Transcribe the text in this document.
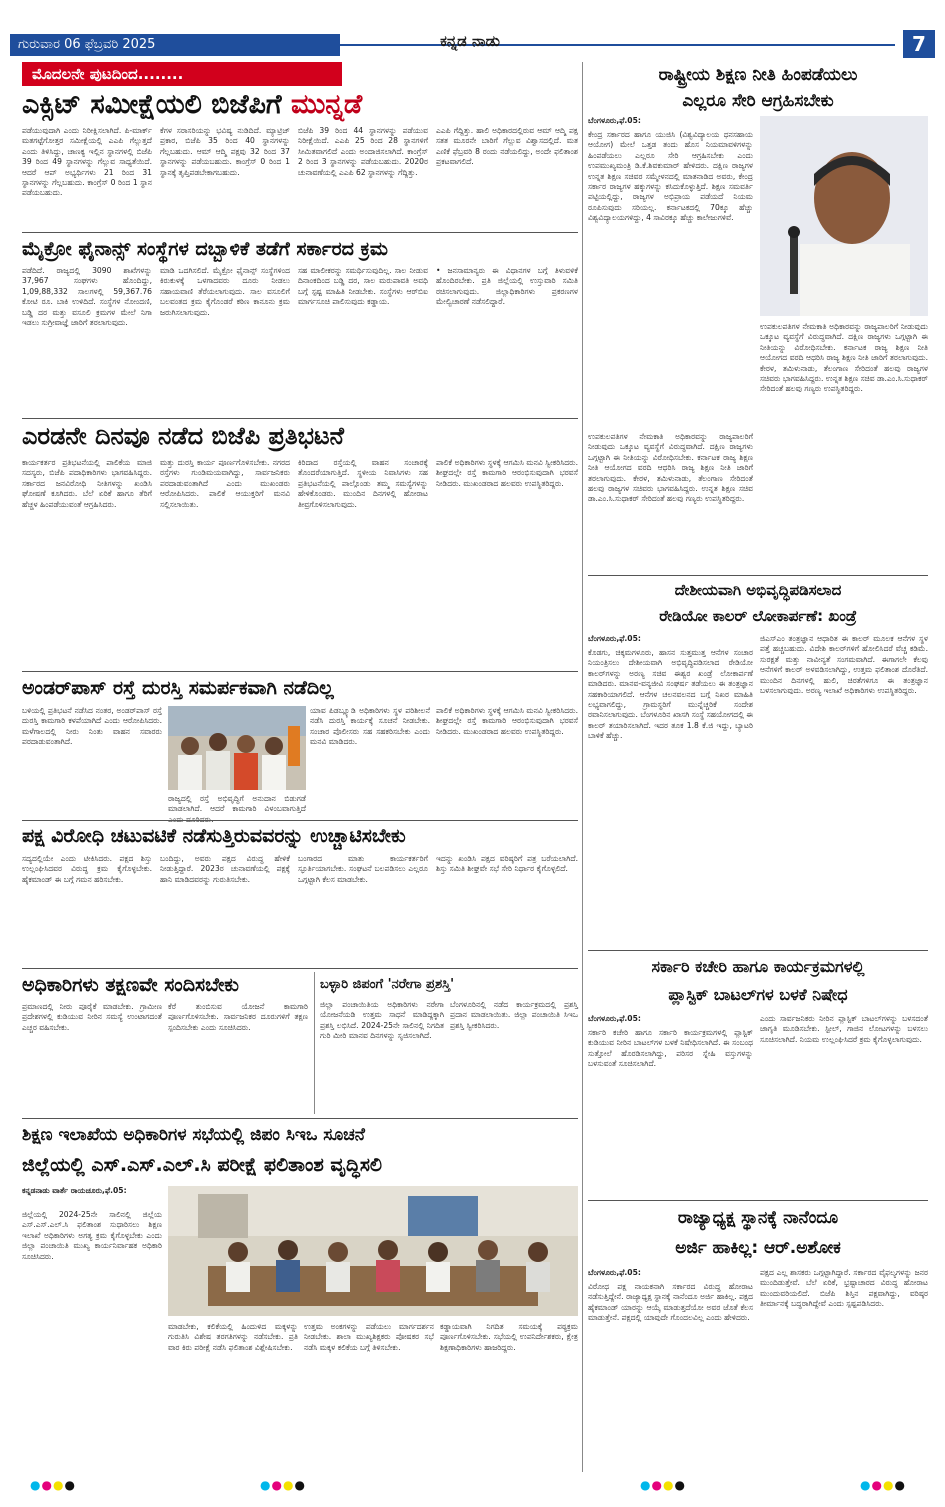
ಗುರುವಾರ 06 ಫೆಬ್ರವರಿ 2025	ಕನ್ನಡ ನಾಡು	7
ಮೊದಲನೇ ಪುಟದಿಂದ........
ಎಕ್ಸಿಟ್ ಸಮೀಕ್ಷೆಯಲಿ ಬಿಜೆಪಿಗೆ ಮುನ್ನಡೆ
ಪಡೆಯುವುದಾಗಿ ಎಂದು ನಿರೀಕ್ಷಿಸಲಾಗಿದೆ. ಪಿ-ಮಾರ್ಕ್ ಮತಗಟ್ಟೆಗೋತ್ತರ ಸಮೀಕ್ಷೆಯಲ್ಲಿ ಎಎಪಿ ಗೆಲ್ಲುತ್ತದೆ ಎಂದು ತಿಳಿಸಿದ್ದು, ಚಾಣಕ್ಯ ಇಲ್ಲಿನ ಸ್ಥಾನಗಳಲ್ಲಿ ಬಿಜೆಪಿ 39 ರಿಂದ 49 ಸ್ಥಾನಗಳನ್ನು ಗೆಲ್ಲುವ ಸಾಧ್ಯತೆಯಿದೆ. ಆದರೆ ಆಪ್ ಅಭ್ಯರ್ಥಿಗಳು 21 ರಿಂದ 31 ಸ್ಥಾನಗಳನ್ನು ಗೆಲ್ಲಬಹುದು. ಕಾಂಗ್ರೆಸ್ 0 ರಿಂದ 1 ಸ್ಥಾನ ಪಡೆಯಬಹುದು.
ಕೆಗಳ ಸರಾಸರಿಯನ್ನು ಭವಿಷ್ಯ ನುಡಿದಿದೆ. ಮ್ಯಾಟ್ರಿಜ್ ಪ್ರಕಾರ, ಬಿಜೆಪಿ 35 ರಿಂದ 40 ಸ್ಥಾನಗಳನ್ನು ಗೆಲ್ಲಬಹುದು. ಆಮ್ ಆದ್ಮಿ ಪಕ್ಷವು 32 ರಿಂದ 37 ಸ್ಥಾನಗಳನ್ನು ಪಡೆಯಬಹುದು. ಕಾಂಗ್ರೆಸ್ 0 ರಿಂದ 1 ಸ್ಥಾನಕ್ಕೆ ತೃಪ್ತಿಪಡಬೇಕಾಗಬಹುದು.
ಬಿಜೆಪಿ 39 ರಿಂದ 44 ಸ್ಥಾನಗಳನ್ನು ಪಡೆಯುವ ನಿರೀಕ್ಷೆಯಿದೆ. ಎಎಪಿ 25 ರಿಂದ 28 ಸ್ಥಾನಗಳಿಗೆ ಸೀಮಿತವಾಗಲಿದೆ ಎಂದು ಅಂದಾಜಿಸಲಾಗಿದೆ. ಕಾಂಗ್ರೆಸ್ 2 ರಿಂದ 3 ಸ್ಥಾನಗಳನ್ನು ಪಡೆಯಬಹುದು. 2020ರ ಚುನಾವಣೆಯಲ್ಲಿ ಎಎಪಿ 62 ಸ್ಥಾನಗಳನ್ನು ಗೆದ್ದಿತ್ತು.
ಎಎಪಿ ಗೆದ್ದಿತ್ತು. ಹಾಲಿ ಅಧಿಕಾರದಲ್ಲಿರುವ ಆಮ್ ಆದ್ಮಿ ಪಕ್ಷ ಸತತ ಮೂರನೇ ಬಾರಿಗೆ ಗೆಲ್ಲುವ ವಿಶ್ವಾಸದಲ್ಲಿದೆ. ಮತ ಎಣಿಕೆ ಫೆಬ್ರವರಿ 8 ರಂದು ನಡೆಯಲಿದ್ದು, ಅಂದೇ ಫಲಿತಾಂಶ ಪ್ರಕಟವಾಗಲಿದೆ.
ಮೈಕ್ರೋ ಫೈನಾನ್ಸ್ ಸಂಸ್ಥೆಗಳ ದಬ್ಬಾಳಿಕೆ ತಡೆಗೆ ಸರ್ಕಾರದ ಕ್ರಮ
ಪಡೆದಿದೆ. ರಾಜ್ಯದಲ್ಲಿ 3090 ಶಾಖೆಗಳನ್ನು 37,967 ಸಂಘಗಳು ಹೊಂದಿದ್ದು, 1,09,88,332 ಸಾಲಗಳಲ್ಲಿ 59,367.76 ಕೋಟಿ ರೂ. ಬಾಕಿ ಉಳಿದಿದೆ. ಸಂಸ್ಥೆಗಳ ನೋಂದಣಿ, ಬಡ್ಡಿ ದರ ಮತ್ತು ವಸೂಲಿ ಕ್ರಮಗಳ ಮೇಲೆ ನಿಗಾ ಇಡಲು ಸುಗ್ರೀವಾಜ್ಞೆ ಜಾರಿಗೆ ತರಲಾಗುವುದು.
ಮಾಡಿ ಒದಗಿಸಲಿದೆ. ಮೈಕ್ರೋ ಫೈನಾನ್ಸ್ ಸಂಸ್ಥೆಗಳಿಂದ ಕಿರುಕುಳಕ್ಕೆ ಒಳಗಾದವರು ದೂರು ನೀಡಲು ಸಹಾಯವಾಣಿ ತೆರೆಯಲಾಗುವುದು. ಸಾಲ ವಸೂಲಿಗೆ ಬಲವಂತದ ಕ್ರಮ ಕೈಗೊಂಡರೆ ಕಠಿಣ ಕಾನೂನು ಕ್ರಮ ಜರುಗಿಸಲಾಗುವುದು.
ಸಹ ಮಾಲೀಕರನ್ನು ಸಮರ್ಥಿಸುವುದಿಲ್ಲ. ಸಾಲ ನೀಡುವ ದಿನಾಂಕದಿಂದ ಬಡ್ಡಿ ದರ, ಸಾಲ ಮರುಪಾವತಿ ಅವಧಿ ಬಗ್ಗೆ ಸ್ಪಷ್ಟ ಮಾಹಿತಿ ನೀಡಬೇಕು. ಸಂಸ್ಥೆಗಳು ಆರ್‌ಬಿಐ ಮಾರ್ಗಸೂಚಿ ಪಾಲಿಸುವುದು ಕಡ್ಡಾಯ.
• ಜನಸಾಮಾನ್ಯರು ಈ ವಿಧಾನಗಳ ಬಗ್ಗೆ ತಿಳುವಳಿಕೆ ಹೊಂದಿರಬೇಕು. ಪ್ರತಿ ಜಿಲ್ಲೆಯಲ್ಲಿ ಉಸ್ತುವಾರಿ ಸಮಿತಿ ರಚಿಸಲಾಗುವುದು. ಜಿಲ್ಲಾಧಿಕಾರಿಗಳು ಪ್ರಕರಣಗಳ ಮೇಲ್ವಿಚಾರಣೆ ನಡೆಸಲಿದ್ದಾರೆ.
ಎರಡನೇ ದಿನವೂ ನಡೆದ ಬಿಜೆಪಿ ಪ್ರತಿಭಟನೆ
ಕಾರ್ಯಕರ್ತರ ಪ್ರತಿಭಟನೆಯಲ್ಲಿ ಪಾಲಿಕೆಯ ಮಾಜಿ ಸದಸ್ಯರು, ಬಿಜೆಪಿ ಪದಾಧಿಕಾರಿಗಳು ಭಾಗವಹಿಸಿದ್ದರು. ಸರ್ಕಾರದ ಜನವಿರೋಧಿ ನೀತಿಗಳನ್ನು ಖಂಡಿಸಿ ಘೋಷಣೆ ಕೂಗಿದರು. ಬೆಲೆ ಏರಿಕೆ ಹಾಗೂ ತೆರಿಗೆ ಹೆಚ್ಚಳ ಹಿಂಪಡೆಯುವಂತೆ ಆಗ್ರಹಿಸಿದರು.
ಮತ್ತು ದುರಸ್ತಿ ಕಾರ್ಯ ಪೂರ್ಣಗೊಳಿಸಬೇಕು. ನಗರದ ರಸ್ತೆಗಳು ಗುಂಡಿಮಯವಾಗಿದ್ದು, ಸಾರ್ವಜನಿಕರು ಪರದಾಡುವಂತಾಗಿದೆ ಎಂದು ಮುಖಂಡರು ಆರೋಪಿಸಿದರು. ಪಾಲಿಕೆ ಆಯುಕ್ತರಿಗೆ ಮನವಿ ಸಲ್ಲಿಸಲಾಯಿತು.
ಕಿರಿದಾದ ರಸ್ತೆಯಲ್ಲಿ ವಾಹನ ಸಂಚಾರಕ್ಕೆ ತೊಂದರೆಯಾಗುತ್ತಿದೆ. ಸ್ಥಳೀಯ ನಿವಾಸಿಗಳು ಸಹ ಪ್ರತಿಭಟನೆಯಲ್ಲಿ ಪಾಲ್ಗೊಂಡು ತಮ್ಮ ಸಮಸ್ಯೆಗಳನ್ನು ಹೇಳಿಕೊಂಡರು. ಮುಂದಿನ ದಿನಗಳಲ್ಲಿ ಹೋರಾಟ ತೀವ್ರಗೊಳಿಸಲಾಗುವುದು.
ಪಾಲಿಕೆ ಅಧಿಕಾರಿಗಳು ಸ್ಥಳಕ್ಕೆ ಆಗಮಿಸಿ ಮನವಿ ಸ್ವೀಕರಿಸಿದರು. ಶೀಘ್ರದಲ್ಲೇ ರಸ್ತೆ ಕಾಮಗಾರಿ ಆರಂಭಿಸುವುದಾಗಿ ಭರವಸೆ ನೀಡಿದರು. ಮುಖಂಡರಾದ ಹಲವರು ಉಪಸ್ಥಿತರಿದ್ದರು.
ಅಂಡರ್‌ಪಾಸ್ ರಸ್ತೆ ದುರಸ್ತಿ ಸಮರ್ಪಕವಾಗಿ ನಡೆದಿಲ್ಲ
ಬಳಿಯಲ್ಲಿ ಪ್ರತಿಭಟನೆ ನಡೆಸಿದ ನಂತರ, ಅಂಡರ್‌ಪಾಸ್ ರಸ್ತೆ ದುರಸ್ತಿ ಕಾಮಗಾರಿ ಕಳಪೆಯಾಗಿದೆ ಎಂದು ಆರೋಪಿಸಿದರು. ಮಳೆಗಾಲದಲ್ಲಿ ನೀರು ನಿಂತು ವಾಹನ ಸವಾರರು ಪರದಾಡುವಂತಾಗಿದೆ.
ರಾಜ್ಯದಲ್ಲಿ ರಸ್ತೆ ಅಭಿವೃದ್ಧಿಗೆ ಅನುದಾನ ಬಿಡುಗಡೆ ಮಾಡಲಾಗಿದೆ. ಆದರೆ ಕಾಮಗಾರಿ ವಿಳಂಬವಾಗುತ್ತಿದೆ
ಯಾವ ಪಿಡಬ್ಲ್ಯೂಡಿ ಅಧಿಕಾರಿಗಳು ಸ್ಥಳ ಪರಿಶೀಲನೆ ನಡೆಸಿ ದುರಸ್ತಿ ಕಾರ್ಯಕ್ಕೆ ಸೂಚನೆ ನೀಡಬೇಕು. ಸಂಚಾರ ಪೊಲೀಸರು ಸಹ ಸಹಕರಿಸಬೇಕು ಎಂದು ಮನವಿ ಮಾಡಿದರು.
ಪಾಲಿಕೆ ಅಧಿಕಾರಿಗಳು ಸ್ಥಳಕ್ಕೆ ಆಗಮಿಸಿ ಮನವಿ ಸ್ವೀಕರಿಸಿದರು. ಶೀಘ್ರದಲ್ಲೇ ರಸ್ತೆ ಕಾಮಗಾರಿ ಆರಂಭಿಸುವುದಾಗಿ ಭರವಸೆ ನೀಡಿದರು. ಮುಖಂಡರಾದ ಹಲವರು ಉಪಸ್ಥಿತರಿದ್ದರು.
ಪಕ್ಷ ವಿರೋಧಿ ಚಟುವಟಿಕೆ ನಡೆಸುತ್ತಿರುವವರನ್ನು ಉಚ್ಚಾಟಿಸಬೇಕು
ಸದ್ಯದಲ್ಲಿಯೇ ಎಂದು ಟೀಕಿಸಿದರು. ಪಕ್ಷದ ಶಿಸ್ತು ಉಲ್ಲಂಘಿಸಿದವರ ವಿರುದ್ಧ ಕ್ರಮ ಕೈಗೊಳ್ಳಬೇಕು. ಹೈಕಮಾಂಡ್ ಈ ಬಗ್ಗೆ ಗಮನ ಹರಿಸಬೇಕು.
ಬಂದಿದ್ದು, ಅವರು ಪಕ್ಷದ ವಿರುದ್ಧ ಹೇಳಿಕೆ ನೀಡುತ್ತಿದ್ದಾರೆ. 2023ರ ಚುನಾವಣೆಯಲ್ಲಿ ಪಕ್ಷಕ್ಕೆ ಹಾನಿ ಮಾಡಿದವರನ್ನು ಗುರುತಿಸಬೇಕು.
ಬಂಗಾರದ ಮಾತು ಕಾರ್ಯಕರ್ತರಿಗೆ ಸ್ಫೂರ್ತಿಯಾಗಬೇಕು. ಸಂಘಟನೆ ಬಲಪಡಿಸಲು ಎಲ್ಲರೂ ಒಗ್ಗಟ್ಟಾಗಿ ಕೆಲಸ ಮಾಡಬೇಕು.
ಇದನ್ನು ಖಂಡಿಸಿ ಪಕ್ಷದ ವರಿಷ್ಠರಿಗೆ ಪತ್ರ ಬರೆಯಲಾಗಿದೆ. ಶಿಸ್ತು ಸಮಿತಿ ಶೀಘ್ರವೇ ಸಭೆ ಸೇರಿ ನಿರ್ಧಾರ ಕೈಗೊಳ್ಳಲಿದೆ.
ಅಧಿಕಾರಿಗಳು ತಕ್ಷಣವೇ ಸಂದಿಸಬೇಕು
ಪ್ರಮಾಣದಲ್ಲಿ ನೀರು ಪೂರೈಕೆ ಮಾಡಬೇಕು. ಗ್ರಾಮೀಣ ಪ್ರದೇಶಗಳಲ್ಲಿ ಕುಡಿಯುವ ನೀರಿನ ಸಮಸ್ಯೆ ಉಂಟಾಗದಂತೆ ಎಚ್ಚರ ವಹಿಸಬೇಕು.
ಕೆರೆ ತುಂಬಿಸುವ ಯೋಜನೆ ಕಾಮಗಾರಿ ಪೂರ್ಣಗೊಳಿಸಬೇಕು. ಸಾರ್ವಜನಿಕರ ದೂರುಗಳಿಗೆ ತಕ್ಷಣ ಸ್ಪಂದಿಸಬೇಕು ಎಂದು ಸೂಚಿಸಿದರು.
ಬಳ್ಳಾರಿ ಜಿಪಂಗೆ 'ನರೇಗಾ ಪ್ರಶಸ್ತಿ'
ಜಿಲ್ಲಾ ಪಂಚಾಯಿತಿಯ ಅಧಿಕಾರಿಗಳು ನರೇಗಾ ಯೋಜನೆಯಡಿ ಉತ್ತಮ ಸಾಧನೆ ಮಾಡಿದ್ದಕ್ಕಾಗಿ ಪ್ರಶಸ್ತಿ ಲಭಿಸಿದೆ. 2024-25ನೇ ಸಾಲಿನಲ್ಲಿ ನಿಗದಿತ ಗುರಿ ಮೀರಿ ಮಾನವ ದಿನಗಳನ್ನು ಸೃಜಿಸಲಾಗಿದೆ.
ಬೆಂಗಳೂರಿನಲ್ಲಿ ನಡೆದ ಕಾರ್ಯಕ್ರಮದಲ್ಲಿ ಪ್ರಶಸ್ತಿ ಪ್ರದಾನ ಮಾಡಲಾಯಿತು. ಜಿಲ್ಲಾ ಪಂಚಾಯಿತಿ ಸಿಇಒ ಪ್ರಶಸ್ತಿ ಸ್ವೀಕರಿಸಿದರು.
ಶಿಕ್ಷಣ ಇಲಾಖೆಯ ಅಧಿಕಾರಿಗಳ ಸಭೆಯಲ್ಲಿ ಜಿಪಂ ಸಿಇಒ ಸೂಚನೆ
ಜಿಲ್ಲೆಯಲ್ಲಿ ಎಸ್.ಎಸ್.ಎಲ್.ಸಿ ಪರೀಕ್ಷೆ ಫಲಿತಾಂಶ ವೃದ್ಧಿಸಲಿ
ಕನ್ನಡನಾಡು ವಾರ್ತೆ ರಾಯಚೂರು,ಫೆ.05:
ಜಿಲ್ಲೆಯಲ್ಲಿ 2024-25ನೇ ಸಾಲಿನಲ್ಲಿ ಜಿಲ್ಲೆಯ ಎಸ್.ಎಸ್.ಎಲ್.ಸಿ ಫಲಿತಾಂಶ ಸುಧಾರಿಸಲು ಶಿಕ್ಷಣ ಇಲಾಖೆ ಅಧಿಕಾರಿಗಳು ಅಗತ್ಯ ಕ್ರಮ ಕೈಗೊಳ್ಳಬೇಕು ಎಂದು ಜಿಲ್ಲಾ ಪಂಚಾಯಿತಿ ಮುಖ್ಯ ಕಾರ್ಯನಿರ್ವಾಹಕ ಅಧಿಕಾರಿ ಸೂಚಿಸಿದರು.
ಮಾಡಬೇಕು, ಕಲಿಕೆಯಲ್ಲಿ ಹಿಂದುಳಿದ ಮಕ್ಕಳನ್ನು ಗುರುತಿಸಿ ವಿಶೇಷ ತರಗತಿಗಳನ್ನು ನಡೆಸಬೇಕು. ಪ್ರತಿ ವಾರ ಕಿರು ಪರೀಕ್ಷೆ ನಡೆಸಿ ಫಲಿತಾಂಶ ವಿಶ್ಲೇಷಿಸಬೇಕು.
ಉತ್ತಮ ಅಂಕಗಳನ್ನು ಪಡೆಯಲು ಮಾರ್ಗದರ್ಶನ ನೀಡಬೇಕು. ಶಾಲಾ ಮುಖ್ಯಶಿಕ್ಷಕರು ಪೋಷಕರ ಸಭೆ ನಡೆಸಿ ಮಕ್ಕಳ ಕಲಿಕೆಯ ಬಗ್ಗೆ ತಿಳಿಸಬೇಕು.
ಕಡ್ಡಾಯವಾಗಿ ನಿಗದಿತ ಸಮಯಕ್ಕೆ ಪಠ್ಯಕ್ರಮ ಪೂರ್ಣಗೊಳಿಸಬೇಕು. ಸಭೆಯಲ್ಲಿ ಉಪನಿರ್ದೇಶಕರು, ಕ್ಷೇತ್ರ ಶಿಕ್ಷಣಾಧಿಕಾರಿಗಳು ಹಾಜರಿದ್ದರು.
ರಾಷ್ಟ್ರೀಯ ಶಿಕ್ಷಣ ನೀತಿ ಹಿಂಪಡೆಯಲು
ಎಲ್ಲರೂ ಸೇರಿ ಆಗ್ರಹಿಸಬೇಕು
ಬೆಂಗಳೂರು,ಫೆ.05:
ಕೇಂದ್ರ ಸರ್ಕಾರದ ಹಾಗೂ ಯುಜಿಸಿ (ವಿಶ್ವವಿದ್ಯಾಲಯ ಧನಸಹಾಯ ಆಯೋಗ) ಮೇಲೆ ಒತ್ತಡ ತಂದು ಹೊಸ ನಿಯಮಾವಳಿಗಳನ್ನು ಹಿಂಪಡೆಯಲು ಎಲ್ಲರೂ ಸೇರಿ ಆಗ್ರಹಿಸಬೇಕು ಎಂದು ಉಪಮುಖ್ಯಮಂತ್ರಿ ಡಿ.ಕೆ.ಶಿವಕುಮಾರ್ ಹೇಳಿದರು. ದಕ್ಷಿಣ ರಾಜ್ಯಗಳ ಉನ್ನತ ಶಿಕ್ಷಣ ಸಚಿವರ ಸಮ್ಮೇಳನದಲ್ಲಿ ಮಾತನಾಡಿದ ಅವರು, ಕೇಂದ್ರ ಸರ್ಕಾರ ರಾಜ್ಯಗಳ ಹಕ್ಕುಗಳನ್ನು ಕಸಿದುಕೊಳ್ಳುತ್ತಿದೆ. ಶಿಕ್ಷಣ ಸಮವರ್ತಿ ಪಟ್ಟಿಯಲ್ಲಿದ್ದು, ರಾಜ್ಯಗಳ ಅಭಿಪ್ರಾಯ ಪಡೆಯದೆ ನಿಯಮ ರೂಪಿಸುವುದು ಸರಿಯಲ್ಲ. ಕರ್ನಾಟಕದಲ್ಲಿ 70ಕ್ಕೂ ಹೆಚ್ಚು ವಿಶ್ವವಿದ್ಯಾಲಯಗಳಿದ್ದು, 4 ಸಾವಿರಕ್ಕೂ ಹೆಚ್ಚು ಕಾಲೇಜುಗಳಿವೆ.
ಉಪಕುಲಪತಿಗಳ ನೇಮಕಾತಿ ಅಧಿಕಾರವನ್ನು ರಾಜ್ಯಪಾಲರಿಗೆ ನೀಡುವುದು ಒಕ್ಕೂಟ ವ್ಯವಸ್ಥೆಗೆ ವಿರುದ್ಧವಾಗಿದೆ. ದಕ್ಷಿಣ ರಾಜ್ಯಗಳು ಒಗ್ಗಟ್ಟಾಗಿ ಈ ನೀತಿಯನ್ನು ವಿರೋಧಿಸಬೇಕು. ಕರ್ನಾಟಕ ರಾಜ್ಯ ಶಿಕ್ಷಣ ನೀತಿ ಆಯೋಗದ ವರದಿ ಆಧರಿಸಿ ರಾಜ್ಯ ಶಿಕ್ಷಣ ನೀತಿ ಜಾರಿಗೆ ತರಲಾಗುವುದು. ಕೇರಳ, ತಮಿಳುನಾಡು, ತೆಲಂಗಾಣ ಸೇರಿದಂತೆ ಹಲವು ರಾಜ್ಯಗಳ ಸಚಿವರು ಭಾಗವಹಿಸಿದ್ದರು. ಉನ್ನತ ಶಿಕ್ಷಣ ಸಚಿವ ಡಾ.ಎಂ.ಸಿ.ಸುಧಾಕರ್ ಸೇರಿದಂತೆ ಹಲವು ಗಣ್ಯರು ಉಪಸ್ಥಿತರಿದ್ದರು.
ಉಪಕುಲಪತಿಗಳ ನೇಮಕಾತಿ ಅಧಿಕಾರವನ್ನು ರಾಜ್ಯಪಾಲರಿಗೆ ನೀಡುವುದು ಒಕ್ಕೂಟ ವ್ಯವಸ್ಥೆಗೆ ವಿರುದ್ಧವಾಗಿದೆ. ದಕ್ಷಿಣ ರಾಜ್ಯಗಳು ಒಗ್ಗಟ್ಟಾಗಿ ಈ ನೀತಿಯನ್ನು ವಿರೋಧಿಸಬೇಕು. ಕರ್ನಾಟಕ ರಾಜ್ಯ ಶಿಕ್ಷಣ ನೀತಿ ಆಯೋಗದ ವರದಿ ಆಧರಿಸಿ ರಾಜ್ಯ ಶಿಕ್ಷಣ ನೀತಿ ಜಾರಿಗೆ ತರಲಾಗುವುದು. ಕೇರಳ, ತಮಿಳುನಾಡು, ತೆಲಂಗಾಣ ಸೇರಿದಂತೆ ಹಲವು ರಾಜ್ಯಗಳ ಸಚಿವರು ಭಾಗವಹಿಸಿದ್ದರು. ಉನ್ನತ ಶಿಕ್ಷಣ ಸಚಿವ ಡಾ.ಎಂ.ಸಿ.ಸುಧಾಕರ್ ಸೇರಿದಂತೆ ಹಲವು ಗಣ್ಯರು ಉಪಸ್ಥಿತರಿದ್ದರು.
ದೇಶೀಯವಾಗಿ ಅಭಿವೃದ್ಧಿಪಡಿಸಲಾದ
ರೇಡಿಯೋ ಕಾಲರ್ ಲೋಕಾರ್ಪಣೆ: ಖಂಡ್ರೆ
ಬೆಂಗಳೂರು,ಫೆ.05:
ಕೊಡಗು, ಚಿಕ್ಕಮಗಳೂರು, ಹಾಸನ ಸುತ್ತಮುತ್ತ ಆನೆಗಳ ಸಂಚಾರ ನಿಯಂತ್ರಿಸಲು ದೇಶೀಯವಾಗಿ ಅಭಿವೃದ್ಧಿಪಡಿಸಲಾದ ರೇಡಿಯೋ ಕಾಲರ್‌ಗಳನ್ನು ಅರಣ್ಯ ಸಚಿವ ಈಶ್ವರ ಖಂಡ್ರೆ ಲೋಕಾರ್ಪಣೆ ಮಾಡಿದರು. ಮಾನವ-ವನ್ಯಜೀವಿ ಸಂಘರ್ಷ ತಡೆಯಲು ಈ ತಂತ್ರಜ್ಞಾನ ಸಹಕಾರಿಯಾಗಲಿದೆ. ಆನೆಗಳ ಚಲನವಲನದ ಬಗ್ಗೆ ನಿಖರ ಮಾಹಿತಿ ಲಭ್ಯವಾಗಲಿದ್ದು, ಗ್ರಾಮಸ್ಥರಿಗೆ ಮುನ್ನೆಚ್ಚರಿಕೆ ಸಂದೇಶ ರವಾನಿಸಲಾಗುವುದು. ಬೆಂಗಳೂರಿನ ಖಾಸಗಿ ಸಂಸ್ಥೆ ಸಹಯೋಗದಲ್ಲಿ ಈ ಕಾಲರ್ ತಯಾರಿಸಲಾಗಿದೆ. ಇದರ ತೂಕ 1.8 ಕೆ.ಜಿ ಇದ್ದು, ಬ್ಯಾಟರಿ ಬಾಳಿಕೆ ಹೆಚ್ಚು.
ಜಿಎಸ್‌ಎಂ ತಂತ್ರಜ್ಞಾನ ಆಧಾರಿತ ಈ ಕಾಲರ್ ಮೂಲಕ ಆನೆಗಳ ಸ್ಥಳ ಪತ್ತೆ ಹಚ್ಚಬಹುದು. ವಿದೇಶಿ ಕಾಲರ್‌ಗಳಿಗೆ ಹೋಲಿಸಿದರೆ ವೆಚ್ಚ ಕಡಿಮೆ. ಸುರಕ್ಷತೆ ಮತ್ತು ನಾವೀನ್ಯತೆ ಸಂಗಮವಾಗಿದೆ. ಈಗಾಗಲೇ ಕೆಲವು ಆನೆಗಳಿಗೆ ಕಾಲರ್ ಅಳವಡಿಸಲಾಗಿದ್ದು, ಉತ್ತಮ ಫಲಿತಾಂಶ ದೊರೆತಿದೆ. ಮುಂದಿನ ದಿನಗಳಲ್ಲಿ ಹುಲಿ, ಚಿರತೆಗಳಿಗೂ ಈ ತಂತ್ರಜ್ಞಾನ ಬಳಸಲಾಗುವುದು. ಅರಣ್ಯ ಇಲಾಖೆ ಅಧಿಕಾರಿಗಳು ಉಪಸ್ಥಿತರಿದ್ದರು.
ಸರ್ಕಾರಿ ಕಚೇರಿ ಹಾಗೂ ಕಾರ್ಯಕ್ರಮಗಳಲ್ಲಿ
ಪ್ಲಾಸ್ಟಿಕ್ ಬಾಟಲ್‌ಗಳ ಬಳಕೆ ನಿಷೇಧ
ಬೆಂಗಳೂರು,ಫೆ.05:
ಸರ್ಕಾರಿ ಕಚೇರಿ ಹಾಗೂ ಸರ್ಕಾರಿ ಕಾರ್ಯಕ್ರಮಗಳಲ್ಲಿ ಪ್ಲಾಸ್ಟಿಕ್ ಕುಡಿಯುವ ನೀರಿನ ಬಾಟಲ್‌ಗಳ ಬಳಕೆ ನಿಷೇಧಿಸಲಾಗಿದೆ. ಈ ಸಂಬಂಧ ಸುತ್ತೋಲೆ ಹೊರಡಿಸಲಾಗಿದ್ದು, ಪರಿಸರ ಸ್ನೇಹಿ ವಸ್ತುಗಳನ್ನು ಬಳಸುವಂತೆ ಸೂಚಿಸಲಾಗಿದೆ.
ಎಂದು ಸಾರ್ವಜನಿಕರು ನೀರಿನ ಪ್ಲಾಸ್ಟಿಕ್ ಬಾಟಲ್‌ಗಳನ್ನು ಬಳಸದಂತೆ ಜಾಗೃತಿ ಮೂಡಿಸಬೇಕು. ಸ್ಟೀಲ್, ಗಾಜಿನ ಲೋಟಗಳನ್ನು ಬಳಸಲು ಸೂಚಿಸಲಾಗಿದೆ. ನಿಯಮ ಉಲ್ಲಂಘಿಸಿದರೆ ಕ್ರಮ ಕೈಗೊಳ್ಳಲಾಗುವುದು.
ರಾಜ್ಯಾಧ್ಯಕ್ಷ ಸ್ಥಾನಕ್ಕೆ ನಾನೆಂದೂ
ಅರ್ಜಿ ಹಾಕಿಲ್ಲ: ಆರ್.ಅಶೋಕ
ಬೆಂಗಳೂರು,ಫೆ.05:
ವಿರೋಧ ಪಕ್ಷ ನಾಯಕನಾಗಿ ಸರ್ಕಾರದ ವಿರುದ್ಧ ಹೋರಾಟ ನಡೆಸುತ್ತಿದ್ದೇನೆ. ರಾಜ್ಯಾಧ್ಯಕ್ಷ ಸ್ಥಾನಕ್ಕೆ ನಾನೆಂದೂ ಅರ್ಜಿ ಹಾಕಿಲ್ಲ. ಪಕ್ಷದ ಹೈಕಮಾಂಡ್ ಯಾರನ್ನು ಆಯ್ಕೆ ಮಾಡುತ್ತದೆಯೋ ಅವರ ಜೊತೆ ಕೆಲಸ ಮಾಡುತ್ತೇನೆ. ಪಕ್ಷದಲ್ಲಿ ಯಾವುದೇ ಗೊಂದಲವಿಲ್ಲ ಎಂದು ಹೇಳಿದರು.
ಪಕ್ಷದ ಎಲ್ಲ ಶಾಸಕರು ಒಗ್ಗಟ್ಟಾಗಿದ್ದಾರೆ. ಸರ್ಕಾರದ ವೈಫಲ್ಯಗಳನ್ನು ಜನರ ಮುಂದಿಡುತ್ತೇವೆ. ಬೆಲೆ ಏರಿಕೆ, ಭ್ರಷ್ಟಾಚಾರದ ವಿರುದ್ಧ ಹೋರಾಟ ಮುಂದುವರಿಯಲಿದೆ. ಬಿಜೆಪಿ ಶಿಸ್ತಿನ ಪಕ್ಷವಾಗಿದ್ದು, ವರಿಷ್ಠರ ತೀರ್ಮಾನಕ್ಕೆ ಬದ್ಧರಾಗಿದ್ದೇವೆ ಎಂದು ಸ್ಪಷ್ಟಪಡಿಸಿದರು.
●●●●	●●●●	●●●●	●●●●
